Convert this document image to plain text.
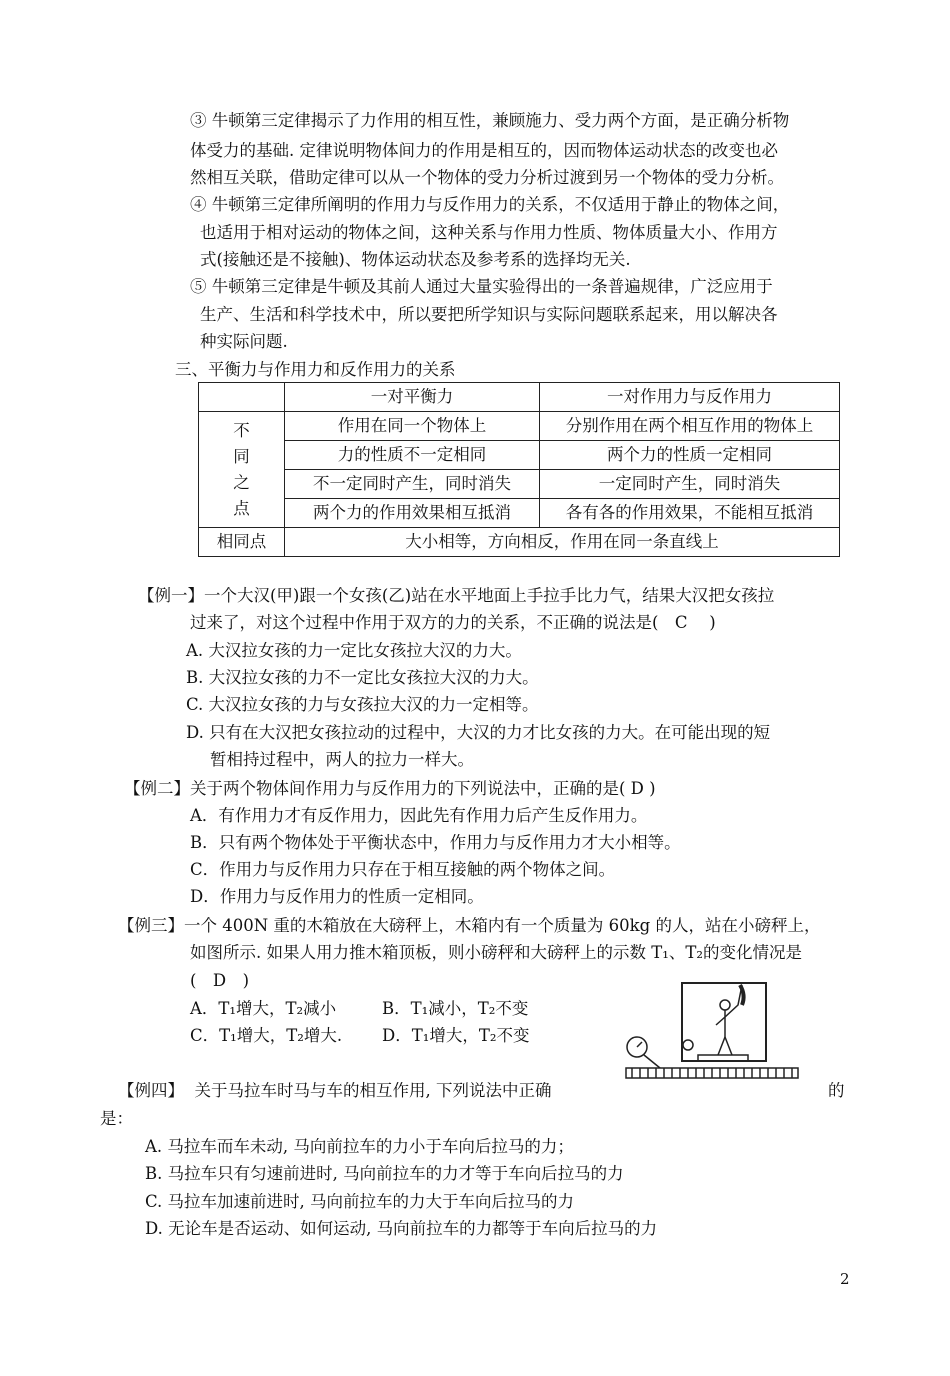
③ 牛顿第三定律揭示了力作用的相互性，兼顾施力、受力两个方面，是正确分析物
体受力的基础. 定律说明物体间力的作用是相互的，因而物体运动状态的改变也必
然相互关联，借助定律可以从一个物体的受力分析过渡到另一个物体的受力分析。
④ 牛顿第三定律所阐明的作用力与反作用力的关系，不仅适用于静止的物体之间，
也适用于相对运动的物体之间，这种关系与作用力性质、物体质量大小、作用方
式(接触还是不接触)、物体运动状态及参考系的选择均无关.
⑤ 牛顿第三定律是牛顿及其前人通过大量实验得出的一条普遍规律，广泛应用于
生产、生活和科学技术中，所以要把所学知识与实际问题联系起来，用以解决各
种实际问题.
三、平衡力与作用力和反作用力的关系
	一对平衡力	一对作用力与反作用力
不
同
之
点	作用在同一个物体上	分别作用在两个相互作用的物体上
	力的性质不一定相同	两个力的性质一定相同
	不一定同时产生，同时消失	一定同时产生，同时消失
	两个力的作用效果相互抵消	各有各的作用效果，不能相互抵消
相同点	大小相等，方向相反，作用在同一条直线上	
【例一】一个大汉(甲)跟一个女孩(乙)站在水平地面上手拉手比力气，结果大汉把女孩拉
过来了，对这个过程中作用于双方的力的关系，不正确的说法是(　C　 )
A. 大汉拉女孩的力一定比女孩拉大汉的力大。
B. 大汉拉女孩的力不一定比女孩拉大汉的力大。
C. 大汉拉女孩的力与女孩拉大汉的力一定相等。
D. 只有在大汉把女孩拉动的过程中，大汉的力才比女孩的力大。在可能出现的短
暂相持过程中，两人的拉力一样大。
【例二】关于两个物体间作用力与反作用力的下列说法中，正确的是( D )
A．有作用力才有反作用力，因此先有作用力后产生反作用力。
B．只有两个物体处于平衡状态中，作用力与反作用力才大小相等。
C．作用力与反作用力只存在于相互接触的两个物体之间。
D．作用力与反作用力的性质一定相同。
【例三】一个 400N 重的木箱放在大磅秤上，木箱内有一个质量为 60kg 的人，站在小磅秤上，
如图所示. 如果人用力推木箱顶板，则小磅秤和大磅秤上的示数 T₁、T₂的变化情况是
(　D　)
A．T₁增大，T₂减小	B．T₁减小，T₂不变
C．T₁增大，T₂增大. D．T₁增大，T₂不变
【例四】 关于马拉车时马与车的相互作用, 下列说法中正确	的
是：
A. 马拉车而车未动, 马向前拉车的力小于车向后拉马的力；
B. 马拉车只有匀速前进时, 马向前拉车的力才等于车向后拉马的力
C. 马拉车加速前进时, 马向前拉车的力大于车向后拉马的力
D. 无论车是否运动、如何运动, 马向前拉车的力都等于车向后拉马的力
2
